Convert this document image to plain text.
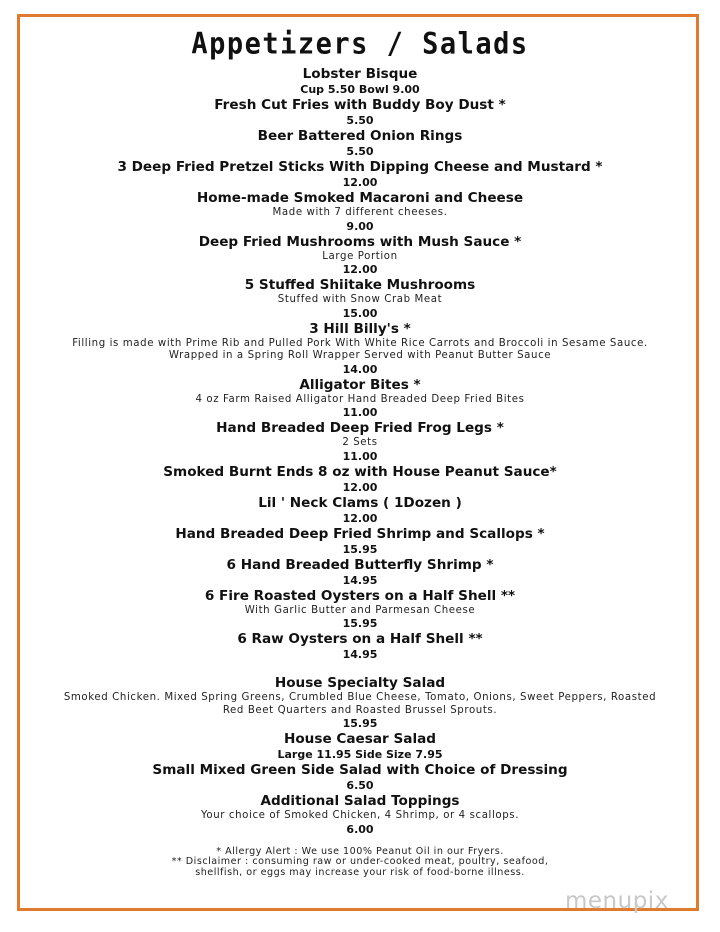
Appetizers / Salads
Lobster Bisque
Cup 5.50 Bowl 9.00
Fresh Cut Fries with Buddy Boy Dust *
5.50
Beer Battered Onion Rings
5.50
3 Deep Fried Pretzel Sticks With Dipping Cheese and Mustard *
12.00
Home-made Smoked Macaroni and Cheese
Made with 7 different cheeses.
9.00
Deep Fried Mushrooms with Mush Sauce *
Large Portion
12.00
5 Stuffed Shiitake Mushrooms
Stuffed with Snow Crab Meat
15.00
3 Hill Billy's *
Filling is made with Prime Rib and Pulled Pork With White Rice Carrots and Broccoli in Sesame Sauce.
Wrapped in a Spring Roll Wrapper Served with Peanut Butter Sauce
14.00
Alligator Bites *
4 oz Farm Raised Alligator Hand Breaded Deep Fried Bites
11.00
Hand Breaded Deep Fried Frog Legs *
2 Sets
11.00
Smoked Burnt Ends 8 oz with House Peanut Sauce*
12.00
Lil ' Neck Clams ( 1Dozen )
12.00
Hand Breaded Deep Fried Shrimp and Scallops *
15.95
6 Hand Breaded Butterfly Shrimp *
14.95
6 Fire Roasted Oysters on a Half Shell **
With Garlic Butter and Parmesan Cheese
15.95
6 Raw Oysters on a Half Shell **
14.95
House Specialty Salad
Smoked Chicken. Mixed Spring Greens, Crumbled Blue Cheese, Tomato, Onions, Sweet Peppers, Roasted
Red Beet Quarters and Roasted Brussel Sprouts.
15.95
House Caesar Salad
Large 11.95 Side Size 7.95
Small Mixed Green Side Salad with Choice of Dressing
6.50
Additional Salad Toppings
Your choice of Smoked Chicken, 4 Shrimp, or 4 scallops.
6.00
* Allergy Alert : We use 100% Peanut Oil in our Fryers.
** Disclaimer : consuming raw or under-cooked meat, poultry, seafood,
shellfish, or eggs may increase your risk of food-borne illness.
menupix
